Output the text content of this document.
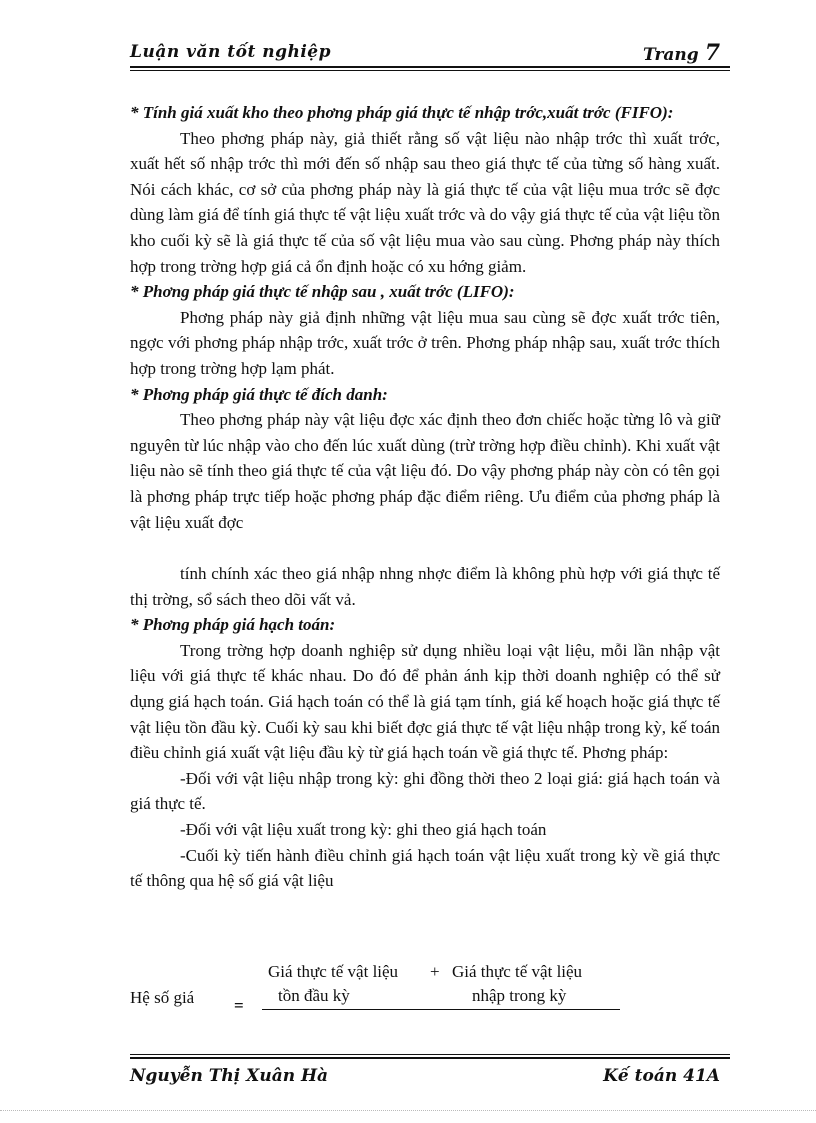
Luận văn tốt nghiệp	Trang 7

* Tính giá xuất kho theo phơng pháp giá thực tế nhập trớc,xuất trớc (FIFO):

Theo phơng pháp này, giả thiết rằng số vật liệu nào nhập trớc thì xuất trớc, xuất hết số nhập trớc thì mới đến số nhập sau theo giá thực tế của từng số hàng xuất. Nói cách khác, cơ sở của phơng pháp này là giá thực tế của vật liệu mua trớc sẽ đợc dùng làm giá để tính giá thực tế vật liệu xuất trớc và do vậy giá thực tế của vật liệu tồn kho cuối kỳ sẽ là giá thực tế của số vật liệu mua vào sau cùng. Phơng pháp này thích hợp trong trờng hợp giá cả ổn định hoặc có xu hớng giảm.

* Phơng pháp giá thực tế nhập sau , xuất trớc (LIFO):

Phơng pháp này giả định những vật liệu mua sau cùng sẽ đợc xuất trớc tiên, ngợc với phơng pháp nhập trớc, xuất trớc ở trên. Phơng pháp nhập sau, xuất trớc thích hợp trong trờng hợp lạm phát.

* Phơng pháp giá thực tế đích danh:

Theo phơng pháp này vật liệu đợc xác định theo đơn chiếc hoặc từng lô và giữ nguyên từ lúc nhập vào cho đến lúc xuất dùng (trừ trờng hợp điều chỉnh). Khi xuất vật liệu nào sẽ tính theo giá thực tế của vật liệu đó. Do vậy phơng pháp này còn có tên gọi là phơng pháp trực tiếp hoặc phơng pháp đặc điểm riêng. Ưu điểm của phơng pháp là vật liệu xuất đợc

tính chính xác theo giá nhập nhng nhợc điểm là không phù hợp với giá thực tế thị trờng, sổ sách theo dõi vất vả.

* Phơng pháp giá hạch toán:

Trong trờng hợp doanh nghiệp sử dụng nhiều loại vật liệu, mỗi lần nhập vật liệu với giá thực tế khác nhau. Do đó để phản ánh kịp thời doanh nghiệp có thể sử dụng giá hạch toán. Giá hạch toán có thể là giá tạm tính, giá kế hoạch hoặc giá thực tế vật liệu tồn đầu kỳ. Cuối kỳ sau khi biết đợc giá thực tế vật liệu nhập trong kỳ, kế toán điều chỉnh giá xuất vật liệu đầu kỳ từ giá hạch toán về giá thực tế. Phơng pháp:

-Đối với vật liệu nhập trong kỳ: ghi đồng thời theo 2 loại giá: giá hạch toán và giá thực tế.

-Đối với vật liệu xuất trong kỳ: ghi theo giá hạch toán

-Cuối kỳ tiến hành điều chỉnh giá hạch toán vật liệu xuất trong kỳ về giá thực tế thông qua hệ số giá vật liệu

Giá thực tế vật liệu + Giá thực tế vật liệu
Hệ số giá	tồn đầu kỳ	nhập trong kỳ
=
Nguyễn Thị Xuân Hà	Kế toán 41A
